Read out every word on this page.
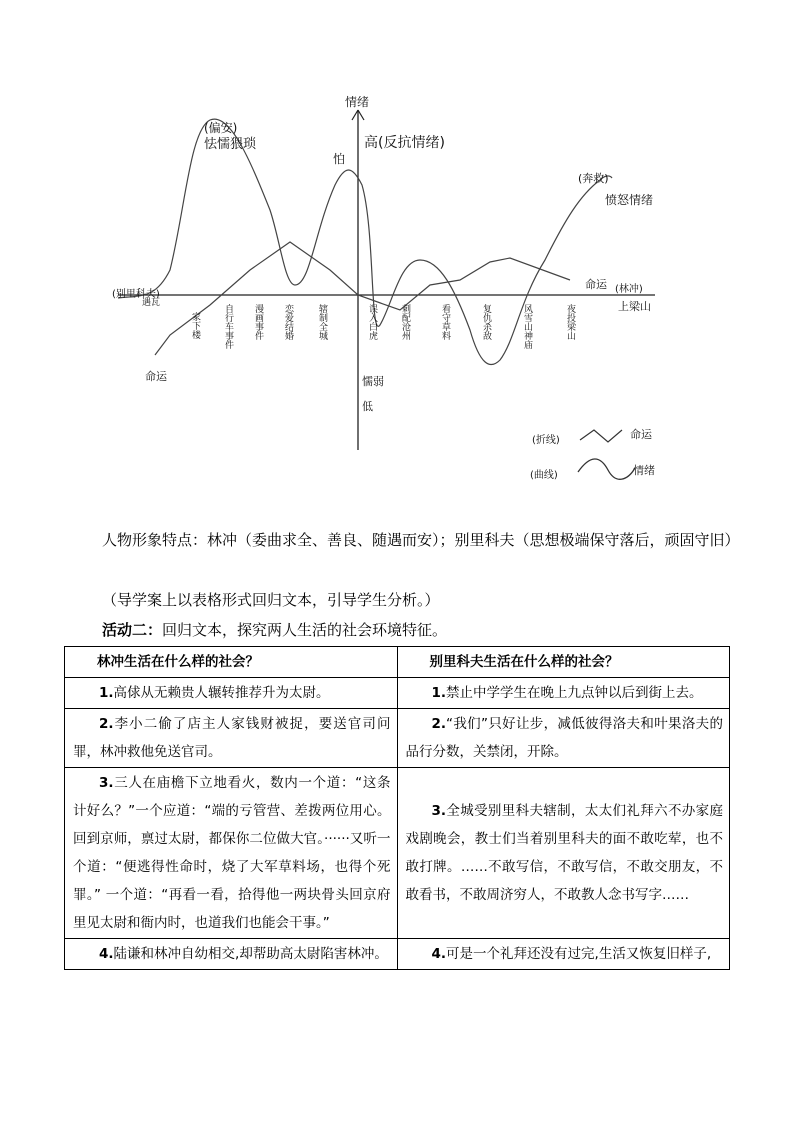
遇瓦
家下楼	自行车事件 漫画事件 恋爱结婚	辖制全城	误入白虎	刺配沧州	看守草料	复仇杀敌	风雪山神庙	夜投梁山
情绪
高(反抗情绪)
怕
(偏安)
怯懦猥琐
(别里科夫)
命运
命运 (林冲)
上梁山
(奔救)
愤怒情绪
懦弱
低
(折线)	命运
(曲线)	情绪
人物形象特点：林冲（委曲求全、善良、随遇而安）；别里科夫（思想极端保守落后，顽固守旧）
（导学案上以表格形式回归文本，引导学生分析。）
活动二：回归文本，探究两人生活的社会环境特征。
林冲生活在什么样的社会？	别里科夫生活在什么样的社会？
1.高俅从无赖贵人辗转推荐升为太尉。	1.禁止中学学生在晚上九点钟以后到街上去。
2.李小二偷了店主人家钱财被捉，要送官司问罪，林冲救他免送官司。	2.“我们”只好让步，减低彼得洛夫和叶果洛夫的品行分数，关禁闭，开除。
3.三人在庙檐下立地看火，数内一个道：“这条计好么？”一个应道：“端的亏管营、差拨两位用心。回到京师，禀过太尉，都保你二位做大官。······又听一个道：“便逃得性命时，烧了大军草料场，也得个死罪。” 一个道：“再看一看，拾得他一两块骨头回京府里见太尉和衙内时，也道我们也能会干事。”	3.全城受别里科夫辖制，太太们礼拜六不办家庭戏剧晚会，教士们当着别里科夫的面不敢吃荤，也不敢打牌。……不敢写信，不敢写信，不敢交朋友，不敢看书，不敢周济穷人，不敢教人念书写字……
4.陆谦和林冲自幼相交,却帮助高太尉陷害林冲。	4.可是一个礼拜还没有过完,生活又恢复旧样子,
